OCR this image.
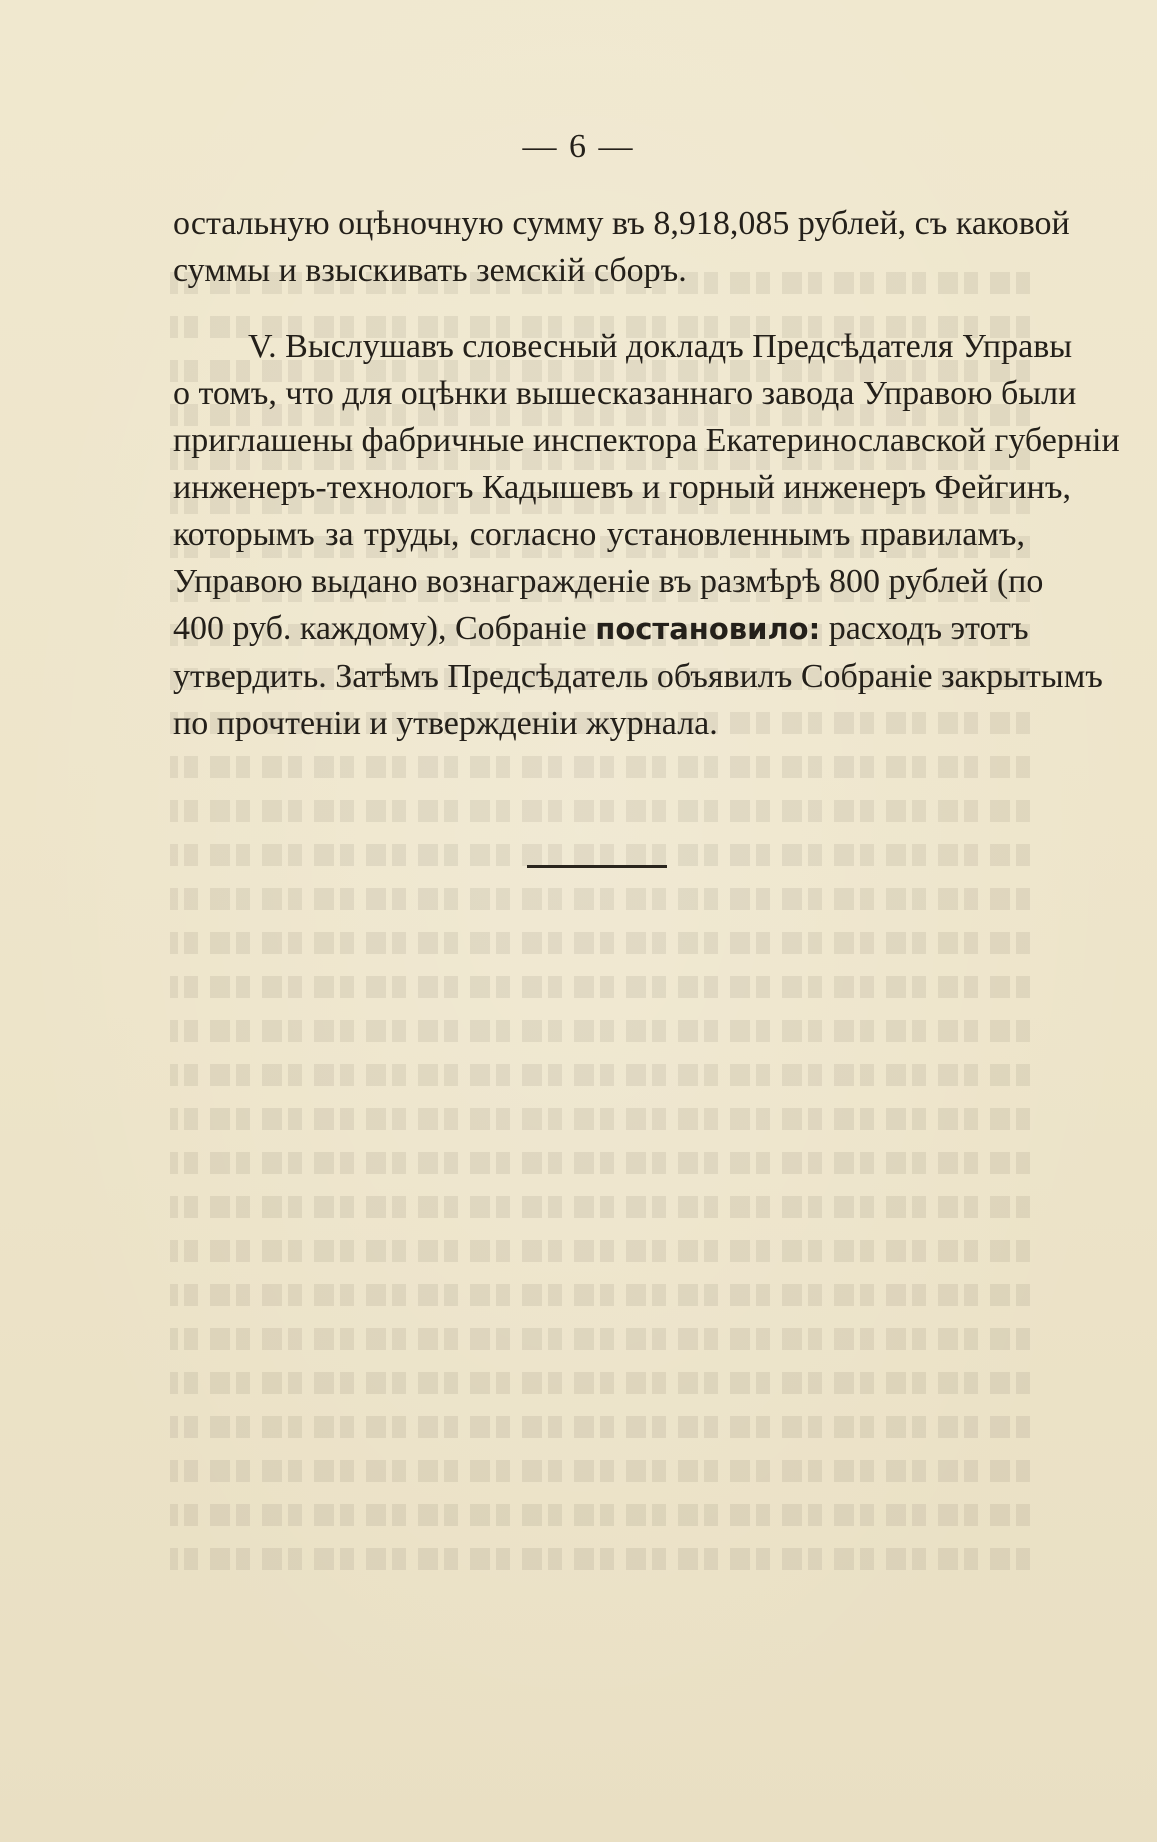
— 6 —
остальную оцѣночную сумму въ 8,918,085 рублей, съ каковой
суммы и взыскивать земскій сборъ.
V. Выслушавъ словесный докладъ Предсѣдателя Управы
о томъ, что для оцѣнки вышесказаннаго завода Управою были
приглашены фабричные инспектора Екатеринославской губерніи
инженеръ-технологъ Кадышевъ и горный инженеръ Фейгинъ,
которымъ за труды, согласно установленнымъ правиламъ,
Управою выдано вознагражденіе въ размѣрѣ 800 рублей (по
400 руб. каждому), Собраніе постановило: расходъ этотъ
утвердить. Затѣмъ Предсѣдатель объявилъ Собраніе закрытымъ
по прочтеніи и утвержденіи журнала.
